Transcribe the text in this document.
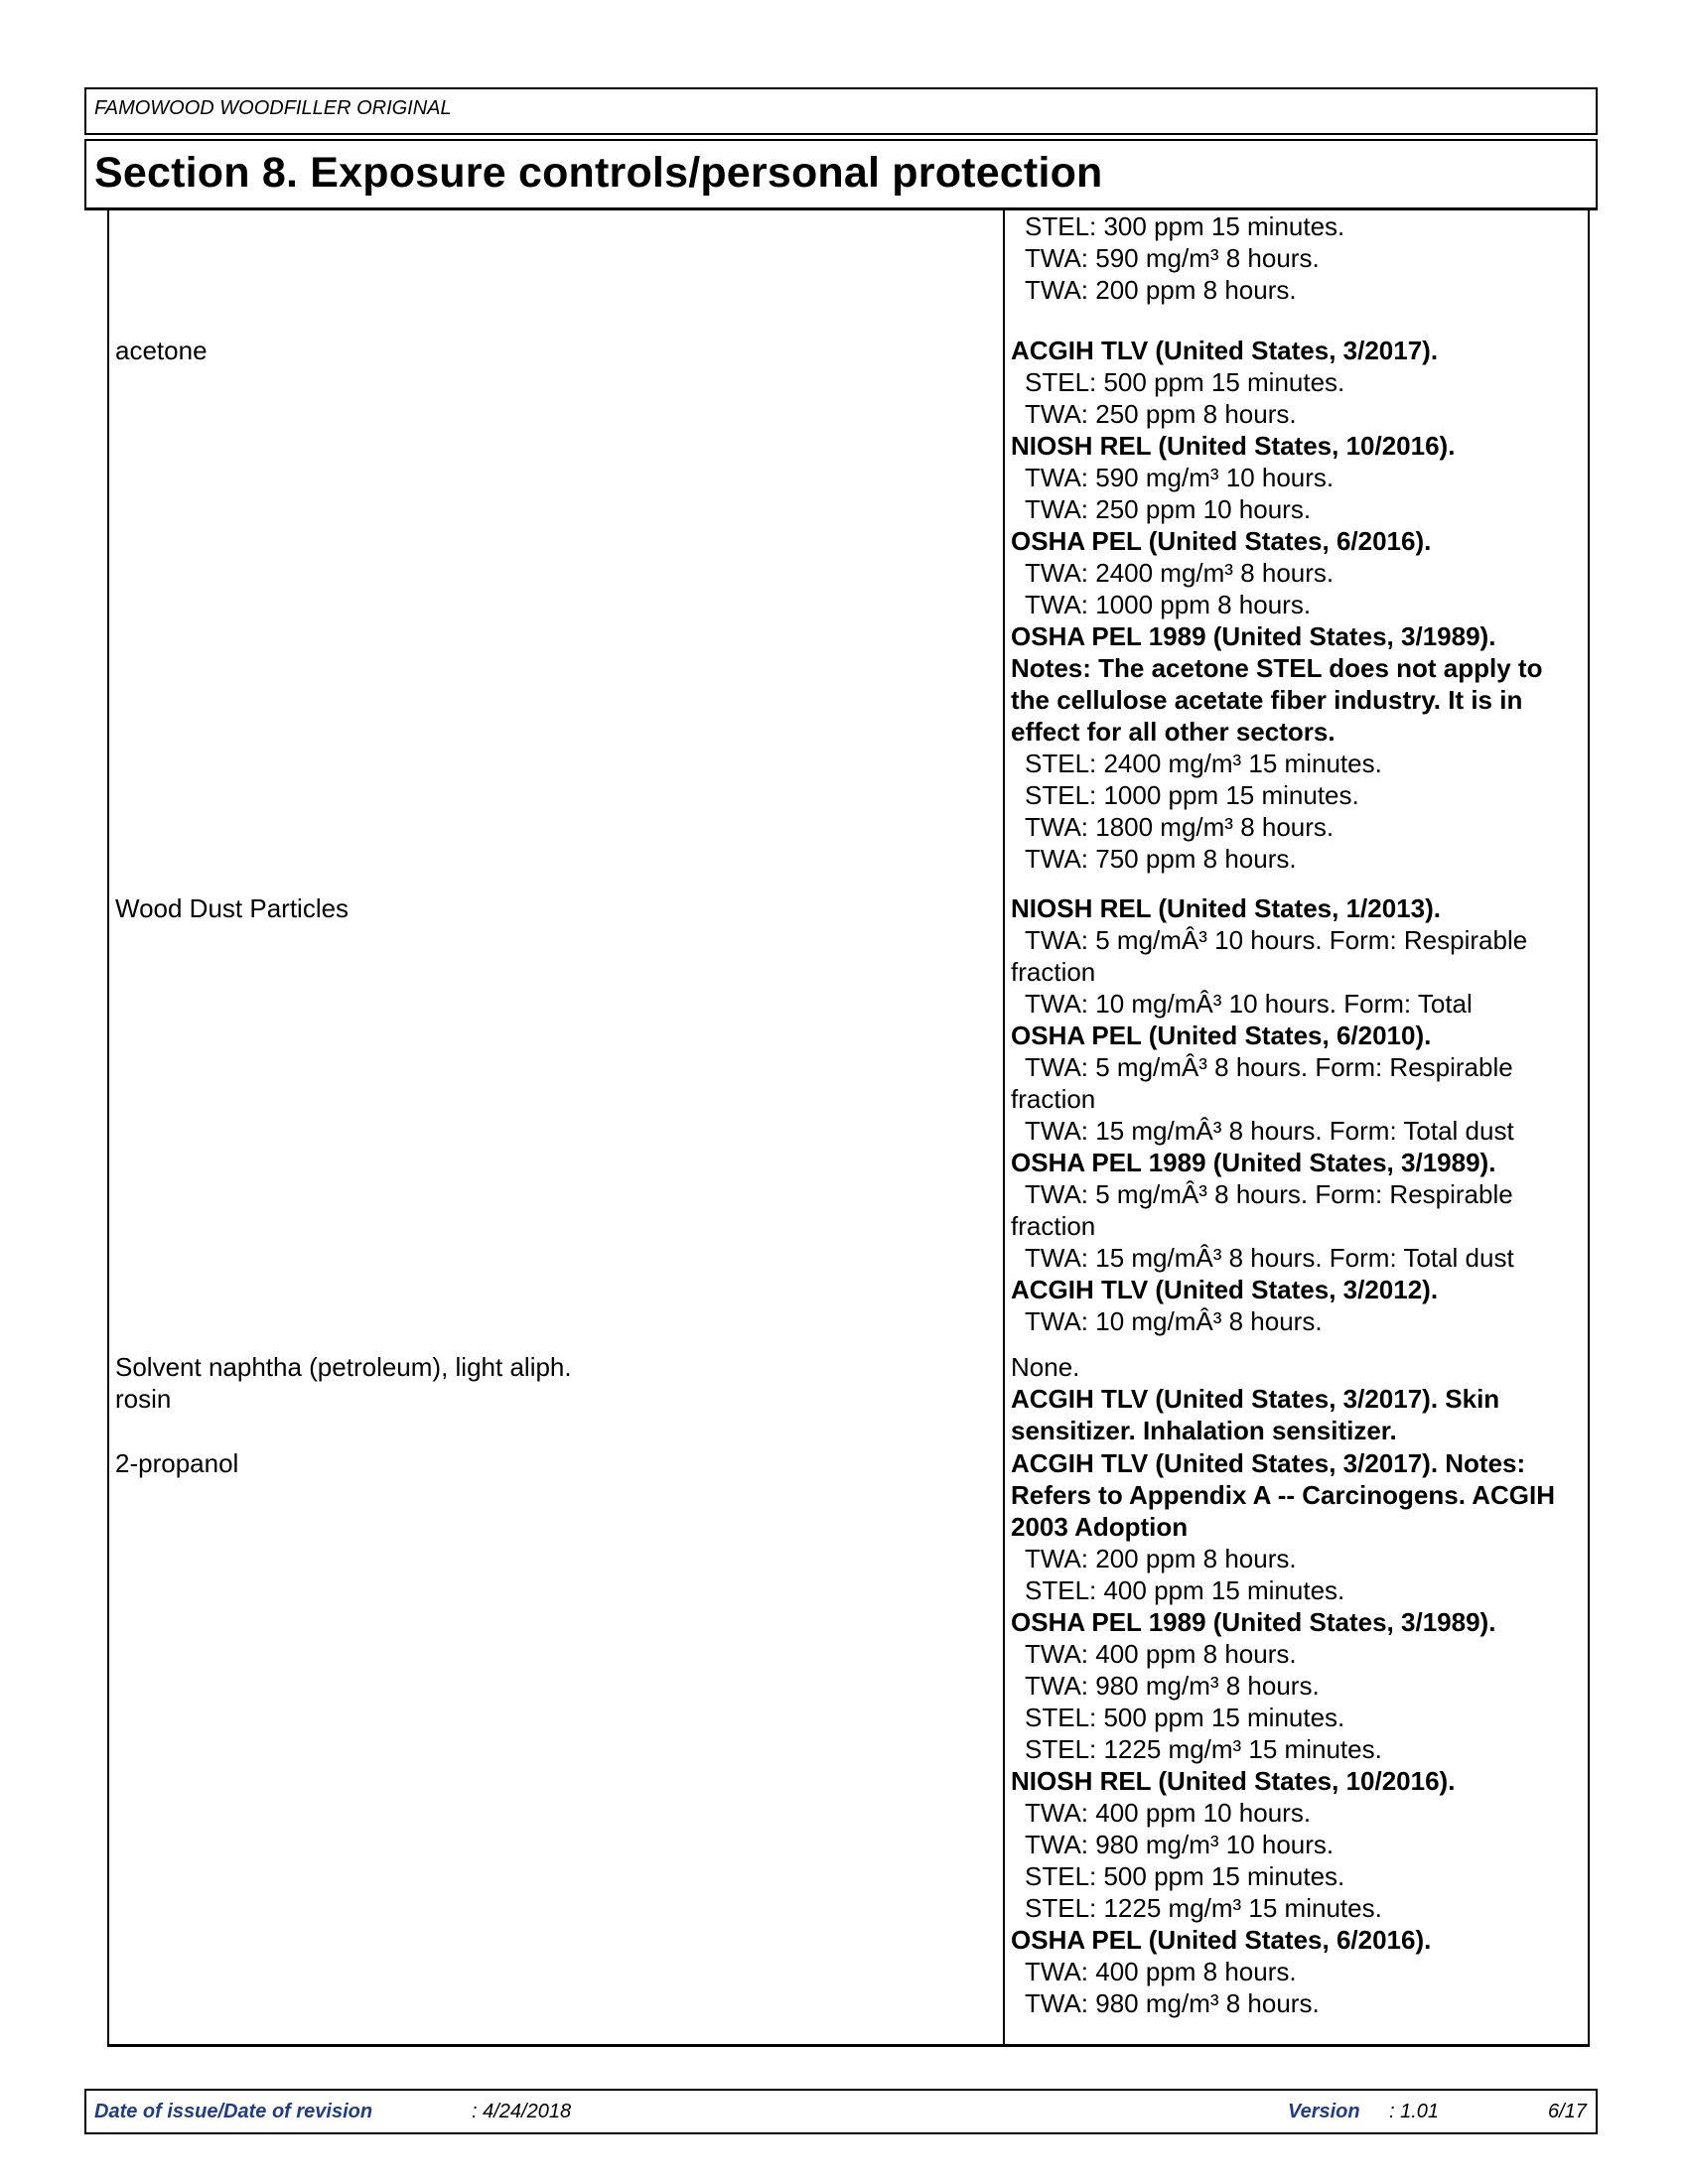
FAMOWOOD WOODFILLER ORIGINAL
Section 8. Exposure controls/personal protection
STEL: 300 ppm 15 minutes.
TWA: 590 mg/m³ 8 hours.
TWA: 200 ppm 8 hours.
acetone	ACGIH TLV (United States, 3/2017).
STEL: 500 ppm 15 minutes.
TWA: 250 ppm 8 hours.
NIOSH REL (United States, 10/2016).
TWA: 590 mg/m³ 10 hours.
TWA: 250 ppm 10 hours.
OSHA PEL (United States, 6/2016).
TWA: 2400 mg/m³ 8 hours.
TWA: 1000 ppm 8 hours.
OSHA PEL 1989 (United States, 3/1989).
Notes: The acetone STEL does not apply to the cellulose acetate fiber industry. It is in effect for all other sectors.
STEL: 2400 mg/m³ 15 minutes.
STEL: 1000 ppm 15 minutes.
TWA: 1800 mg/m³ 8 hours.
TWA: 750 ppm 8 hours.
Wood Dust Particles	NIOSH REL (United States, 1/2013).
TWA: 5 mg/mÂ³ 10 hours. Form: Respirable
fraction
TWA: 10 mg/mÂ³ 10 hours. Form: Total
OSHA PEL (United States, 6/2010).
TWA: 5 mg/mÂ³ 8 hours. Form: Respirable
fraction
TWA: 15 mg/mÂ³ 8 hours. Form: Total dust
OSHA PEL 1989 (United States, 3/1989).
TWA: 5 mg/mÂ³ 8 hours. Form: Respirable
fraction
TWA: 15 mg/mÂ³ 8 hours. Form: Total dust
ACGIH TLV (United States, 3/2012).
TWA: 10 mg/mÂ³ 8 hours.
Solvent naphtha (petroleum), light aliph.	None.
rosin	ACGIH TLV (United States, 3/2017). Skin sensitizer. Inhalation sensitizer.
2-propanol	ACGIH TLV (United States, 3/2017). Notes: Refers to Appendix A -- Carcinogens. ACGIH 2003 Adoption
TWA: 200 ppm 8 hours.
STEL: 400 ppm 15 minutes.
OSHA PEL 1989 (United States, 3/1989).
TWA: 400 ppm 8 hours.
TWA: 980 mg/m³ 8 hours.
STEL: 500 ppm 15 minutes.
STEL: 1225 mg/m³ 15 minutes.
NIOSH REL (United States, 10/2016).
TWA: 400 ppm 10 hours.
TWA: 980 mg/m³ 10 hours.
STEL: 500 ppm 15 minutes.
STEL: 1225 mg/m³ 15 minutes.
OSHA PEL (United States, 6/2016).
TWA: 400 ppm 8 hours.
TWA: 980 mg/m³ 8 hours.
Date of issue/Date of revision	: 4/24/2018	Version : 1.01	6/17
